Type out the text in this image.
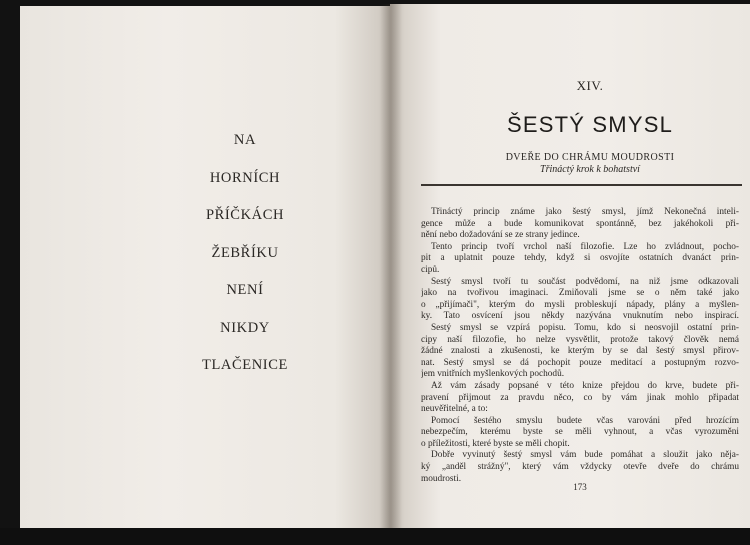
NA
HORNÍCH
PŘÍČKÁCH
ŽEBŘÍKU
NENÍ
NIKDY
TLAČENICE
XIV.
ŠESTÝ SMYSL
DVEŘE DO CHRÁMU MOUDROSTI
Třináctý krok k bohatství
Třináctý princip známe jako šestý smysl, jímž Nekonečná inteli-
gence může a bude komunikovat spontánně, bez jakéhokoli při-
nění nebo dožadování se ze strany jedince.
Tento princip tvoří vrchol naší filozofie. Lze ho zvládnout, pocho-
pit a uplatnit pouze tehdy, když si osvojíte ostatních dvanáct prin-
cipů.
Šestý smysl tvoří tu součást podvědomí, na niž jsme odkazovali
jako na tvořivou imaginaci. Zmiňovali jsme se o něm také jako
o „přijímači", kterým do mysli probleskují nápady, plány a myšlen-
ky. Tato osvícení jsou někdy nazývána vnuknutím nebo inspirací.
Šestý smysl se vzpírá popisu. Tomu, kdo si neosvojil ostatní prin-
cipy naší filozofie, ho nelze vysvětlit, protože takový člověk nemá
žádné znalosti a zkušenosti, ke kterým by se dal šestý smysl přirov-
nat. Šestý smysl se dá pochopit pouze meditací a postupným rozvo-
jem vnitřních myšlenkových pochodů.
Až vám zásady popsané v této knize přejdou do krve, budete při-
pravení přijmout za pravdu něco, co by vám jinak mohlo připadat
neuvěřitelné, a to:
Pomocí šestého smyslu budete včas varováni před hrozícím
nebezpečím, kterému byste se měli vyhnout, a včas vyrozuměni
o příležitosti, které byste se měli chopit.
Dobře vyvinutý šestý smysl vám bude pomáhat a sloužit jako něja-
ký „anděl strážný", který vám vždycky otevře dveře do chrámu
moudrosti.
173
